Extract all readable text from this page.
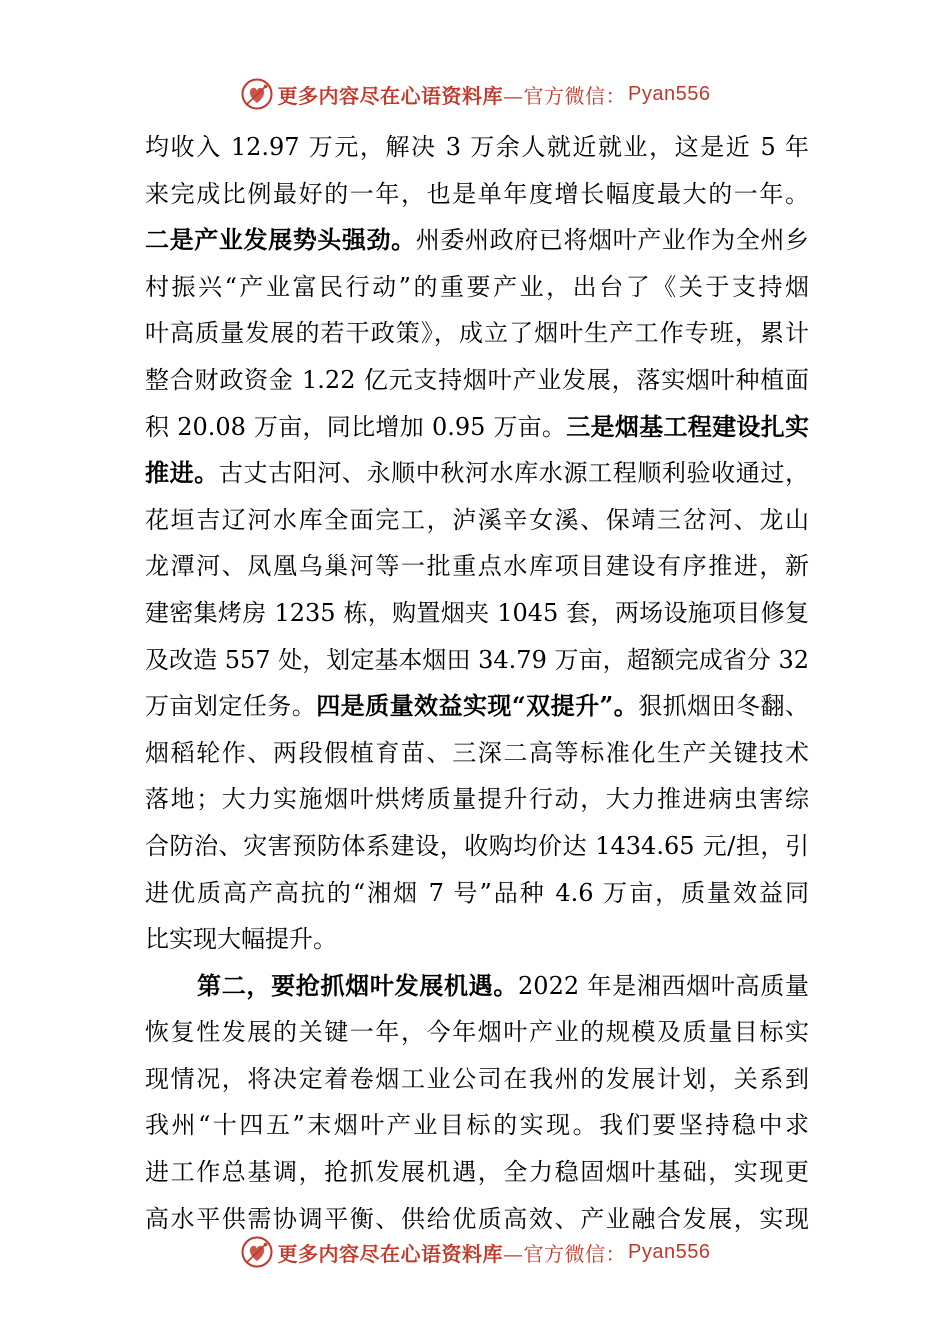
更多内容尽在心语资料库 —官方微信： Pyan556
均收入 12.97 万元，解决 3 万余人就近就业，这是近 5 年
来完成比例最好的一年，也是单年度增长幅度最大的一年。
二是产业发展势头强劲。州委州政府已将烟叶产业作为全州乡
村振兴“产业富民行动”的重要产业，出台了《关于支持烟
叶高质量发展的若干政策》，成立了烟叶生产工作专班，累计
整合财政资金 1.22 亿元支持烟叶产业发展，落实烟叶种植面
积 20.08 万亩，同比增加 0.95 万亩。三是烟基工程建设扎实
推进。古丈古阳河、永顺中秋河水库水源工程顺利验收通过，
花垣吉辽河水库全面完工，泸溪辛女溪、保靖三岔河、龙山
龙潭河、凤凰乌巢河等一批重点水库项目建设有序推进，新
建密集烤房 1235 栋，购置烟夹 1045 套，两场设施项目修复
及改造 557 处，划定基本烟田 34.79 万亩，超额完成省分 32
万亩划定任务。四是质量效益实现“双提升”。狠抓烟田冬翻、
烟稻轮作、两段假植育苗、三深二高等标准化生产关键技术
落地；大力实施烟叶烘烤质量提升行动，大力推进病虫害综
合防治、灾害预防体系建设，收购均价达 1434.65 元/担，引
进优质高产高抗的“湘烟 7 号”品种 4.6 万亩，质量效益同
比实现大幅提升。
第二，要抢抓烟叶发展机遇。2022 年是湘西烟叶高质量
恢复性发展的关键一年，今年烟叶产业的规模及质量目标实
现情况，将决定着卷烟工业公司在我州的发展计划，关系到
我州“十四五”末烟叶产业目标的实现。我们要坚持稳中求
进工作总基调，抢抓发展机遇，全力稳固烟叶基础，实现更
高水平供需协调平衡、供给优质高效、产业融合发展，实现
更多内容尽在心语资料库 —官方微信： Pyan556
